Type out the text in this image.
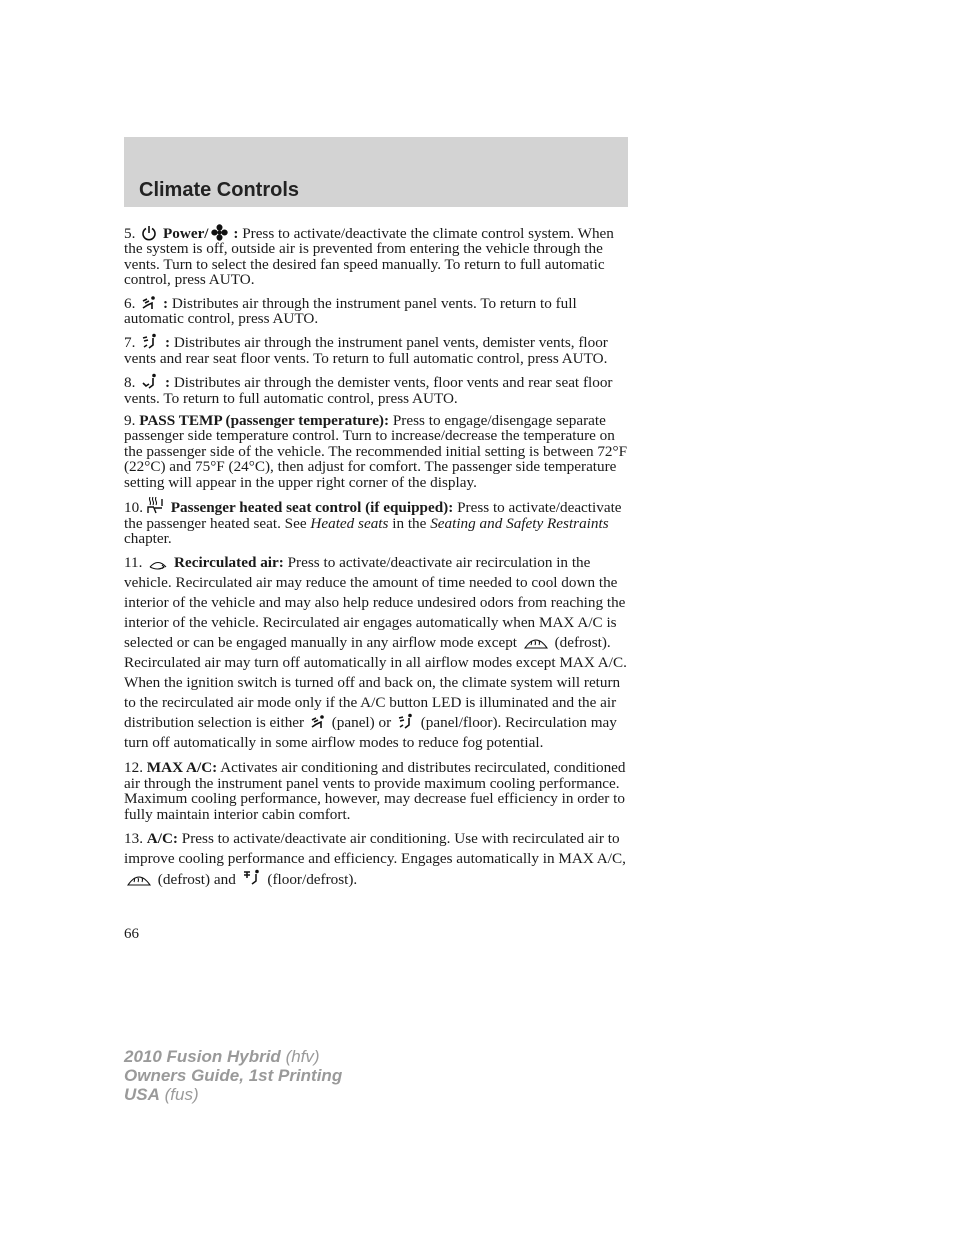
Climate Controls

5. Power/ : Press to activate/deactivate the climate control system. When the system is off, outside air is prevented from entering the vehicle through the vents. Turn to select the desired fan speed manually. To return to full automatic control, press AUTO.

6. : Distributes air through the instrument panel vents. To return to full automatic control, press AUTO.

7. : Distributes air through the instrument panel vents, demister vents, floor vents and rear seat floor vents. To return to full automatic control, press AUTO.

8. : Distributes air through the demister vents, floor vents and rear seat floor vents. To return to full automatic control, press AUTO.

9. PASS TEMP (passenger temperature): Press to engage/disengage separate passenger side temperature control. Turn to increase/decrease the temperature on the passenger side of the vehicle. The recommended initial setting is between 72°F (22°C) and 75°F (24°C), then adjust for comfort. The passenger side temperature setting will appear in the upper right corner of the display.

10. Passenger heated seat control (if equipped): Press to activate/deactivate the passenger heated seat. See Heated seats in the Seating and Safety Restraints chapter.

11. Recirculated air: Press to activate/deactivate air recirculation in the vehicle. Recirculated air may reduce the amount of time needed to cool down the interior of the vehicle and may also help reduce undesired odors from reaching the interior of the vehicle. Recirculated air engages automatically when MAX A/C is selected or can be engaged manually in any airflow mode except (defrost). Recirculated air may turn off automatically in all airflow modes except MAX A/C. When the ignition switch is turned off and back on, the climate system will return to the recirculated air mode only if the A/C button LED is illuminated and the air distribution selection is either (panel) or (panel/floor). Recirculation may turn off automatically in some airflow modes to reduce fog potential.

12. MAX A/C: Activates air conditioning and distributes recirculated, conditioned air through the instrument panel vents to provide maximum cooling performance. Maximum cooling performance, however, may decrease fuel efficiency in order to fully maintain interior cabin comfort.

13. A/C: Press to activate/deactivate air conditioning. Use with recirculated air to improve cooling performance and efficiency. Engages automatically in MAX A/C,
(defrost) and (floor/defrost).

66
2010 Fusion Hybrid (hfv)
Owners Guide, 1st Printing
USA (fus)
